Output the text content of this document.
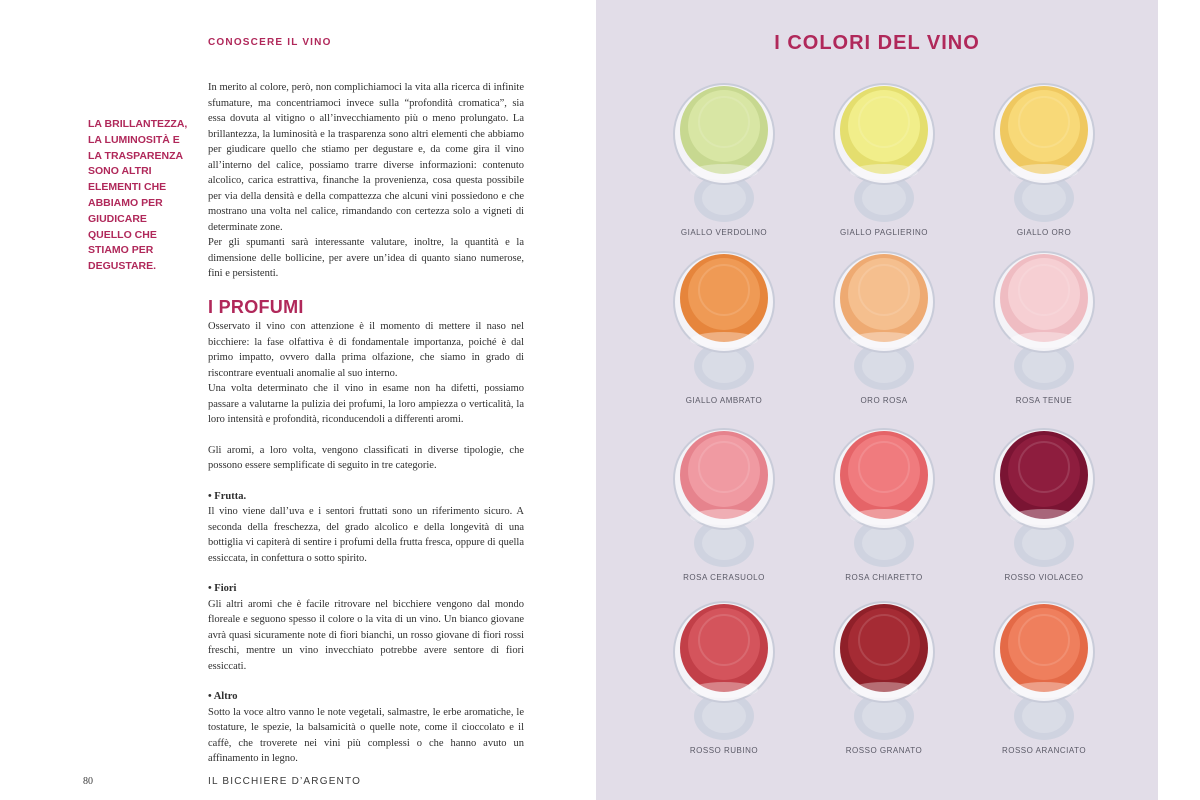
CONOSCERE IL VINO
LA BRILLANTEZZA, LA LUMINOSITÀ E LA TRASPARENZA SONO ALTRI ELEMENTI CHE ABBIAMO PER GIUDICARE QUELLO CHE STIAMO PER DEGUSTARE.

In merito al colore, però, non complichiamoci la vita alla ricerca di infinite sfumature, ma concentriamoci invece sulla “profondità cromatica”, sia essa dovuta al vitigno o all’invecchiamento più o meno prolungato. La brillantezza, la luminosità e la trasparenza sono altri elementi che abbiamo per giudicare quello che stiamo per degustare e, da come gira il vino all’interno del calice, possiamo trarre diverse informazioni: contenuto alcolico, carica estrattiva, finanche la provenienza, cosa questa possibile per via della densità e della compattezza che alcuni vini possiedono e che mostrano una volta nel calice, rimandando con certezza solo a vigneti di determinate zone.

Per gli spumanti sarà interessante valutare, inoltre, la quantità e la dimensione delle bollicine, per avere un’idea di quanto siano numerose, fini e persistenti.

I PROFUMI

Osservato il vino con attenzione è il momento di mettere il naso nel bicchiere: la fase olfattiva è di fondamentale importanza, poiché è dal primo impatto, ovvero dalla prima olfazione, che siamo in grado di riscontrare eventuali anomalie al suo interno.

Una volta determinato che il vino in esame non ha difetti, possiamo passare a valutarne la pulizia dei profumi, la loro ampiezza o verticalità, la loro intensità e profondità, riconducendoli a differenti aromi.

Gli aromi, a loro volta, vengono classificati in diverse tipologie, che possono essere semplificate di seguito in tre categorie.

• Frutta.

Il vino viene dall’uva e i sentori fruttati sono un riferimento sicuro. A seconda della freschezza, del grado alcolico e della longevità di una bottiglia vi capiterà di sentire i profumi della frutta fresca, oppure di quella essiccata, in confettura o sotto spirito.

• Fiori

Gli altri aromi che è facile ritrovare nel bicchiere vengono dal mondo floreale e seguono spesso il colore o la vita di un vino. Un bianco giovane avrà quasi sicuramente note di fiori bianchi, un rosso giovane di fiori rossi freschi, mentre un vino invecchiato potrebbe avere sentore di fiori essiccati.

• Altro

Sotto la voce altro vanno le note vegetali, salmastre, le erbe aromatiche, le tostature, le spezie, la balsamicità o quelle note, come il cioccolato e il caffè, che troverete nei vini più complessi o che hanno avuto un affinamento in legno.

80	IL BICCHIERE D’ARGENTO
I COLORI DEL VINO
GIALLO VERDOLINO	GIALLO PAGLIERINO	GIALLO ORO
GIALLO AMBRATO	ORO ROSA	ROSA TENUE
ROSA CERASUOLO	ROSA CHIARETTO	ROSSO VIOLACEO
ROSSO RUBINO	ROSSO GRANATO	ROSSO ARANCIATO
